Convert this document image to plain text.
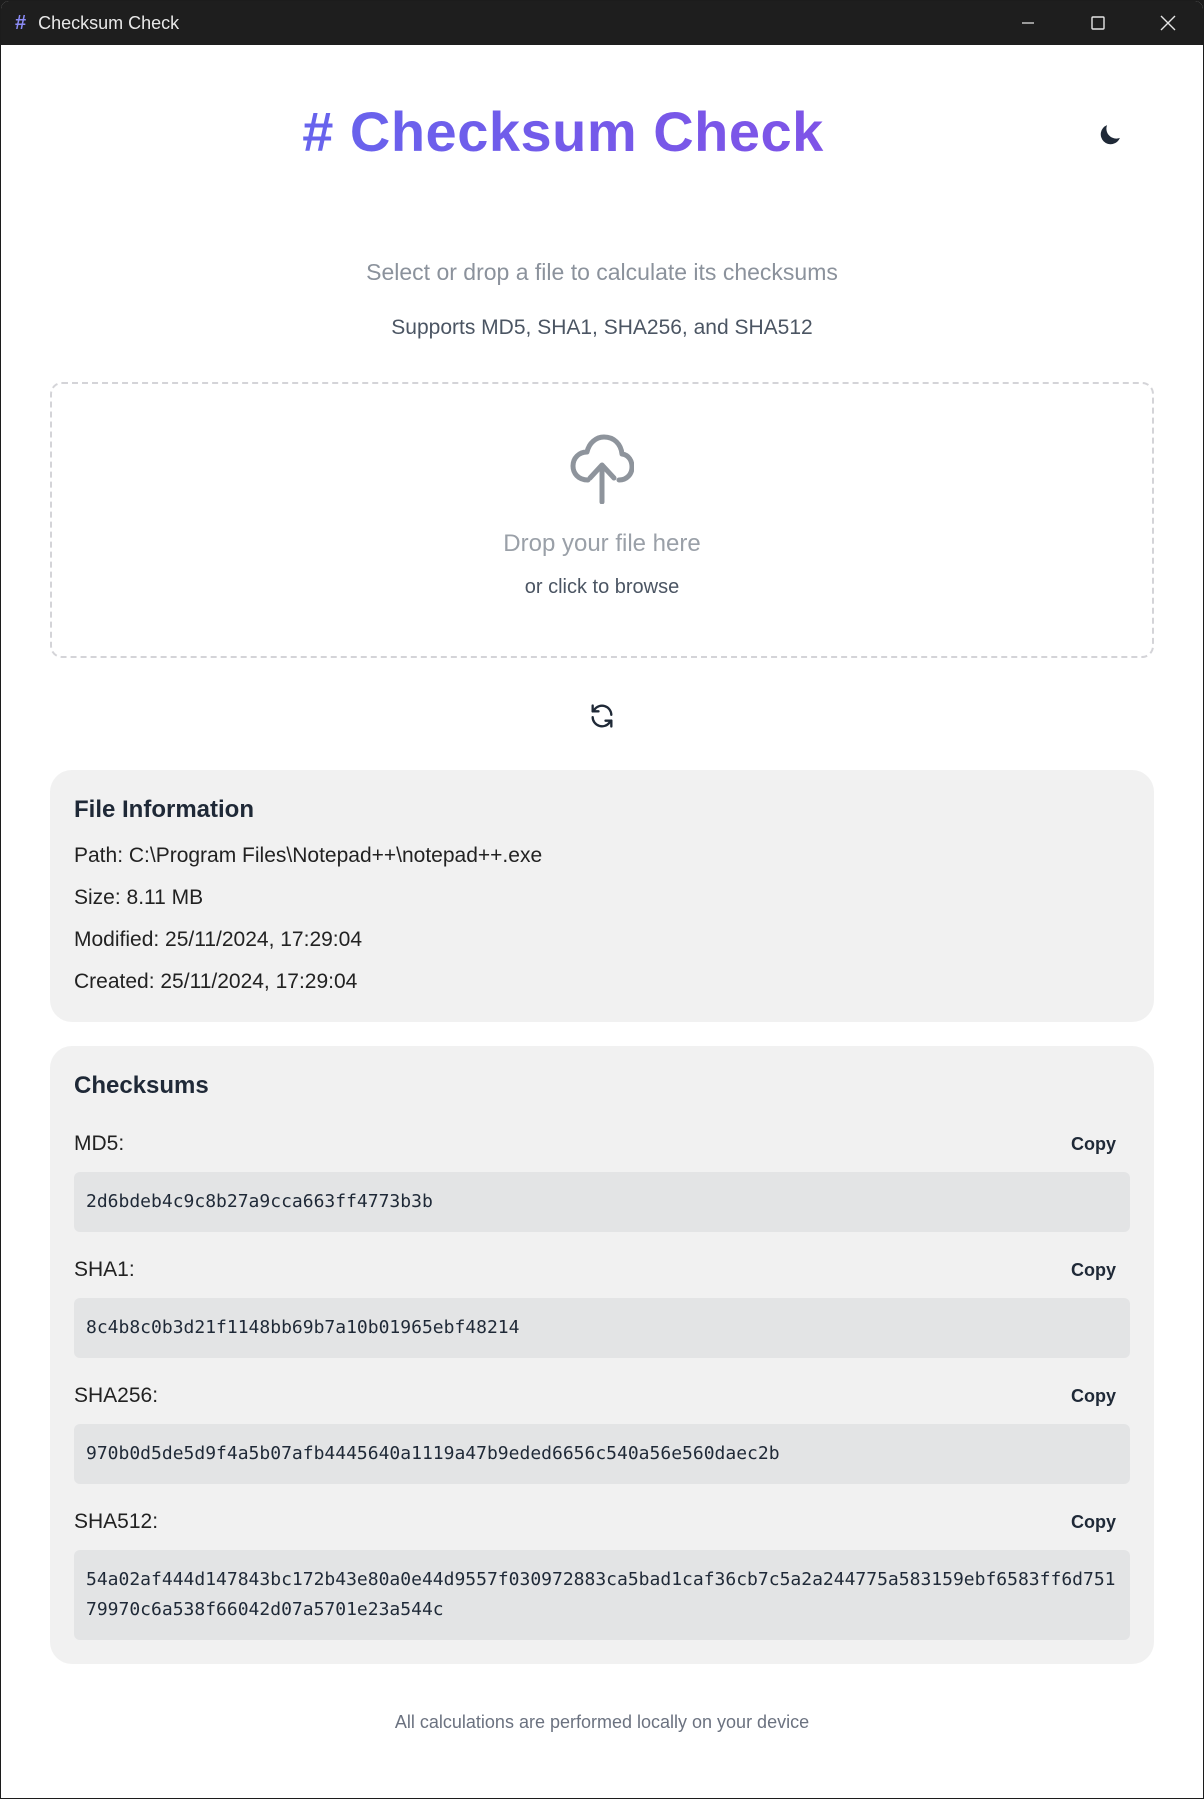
# Checksum Check
# Checksum Check
Select or drop a file to calculate its checksums
Supports MD5, SHA1, SHA256, and SHA512
Drop your file here
or click to browse
File Information
Path: C:\Program Files\Notepad++\notepad++.exe
Size: 8.11 MB
Modified: 25/11/2024, 17:29:04
Created: 25/11/2024, 17:29:04
Checksums
MD5:	Copy
2d6bdeb4c9c8b27a9cca663ff4773b3b
SHA1:	Copy
8c4b8c0b3d21f1148bb69b7a10b01965ebf48214
SHA256:	Copy
970b0d5de5d9f4a5b07afb4445640a1119a47b9eded6656c540a56e560daec2b
SHA512:	Copy
54a02af444d147843bc172b43e80a0e44d9557f030972883ca5bad1caf36cb7c5a2a244775a583159ebf6583ff6d75179970c6a538f66042d07a5701e23a544c
All calculations are performed locally on your device
